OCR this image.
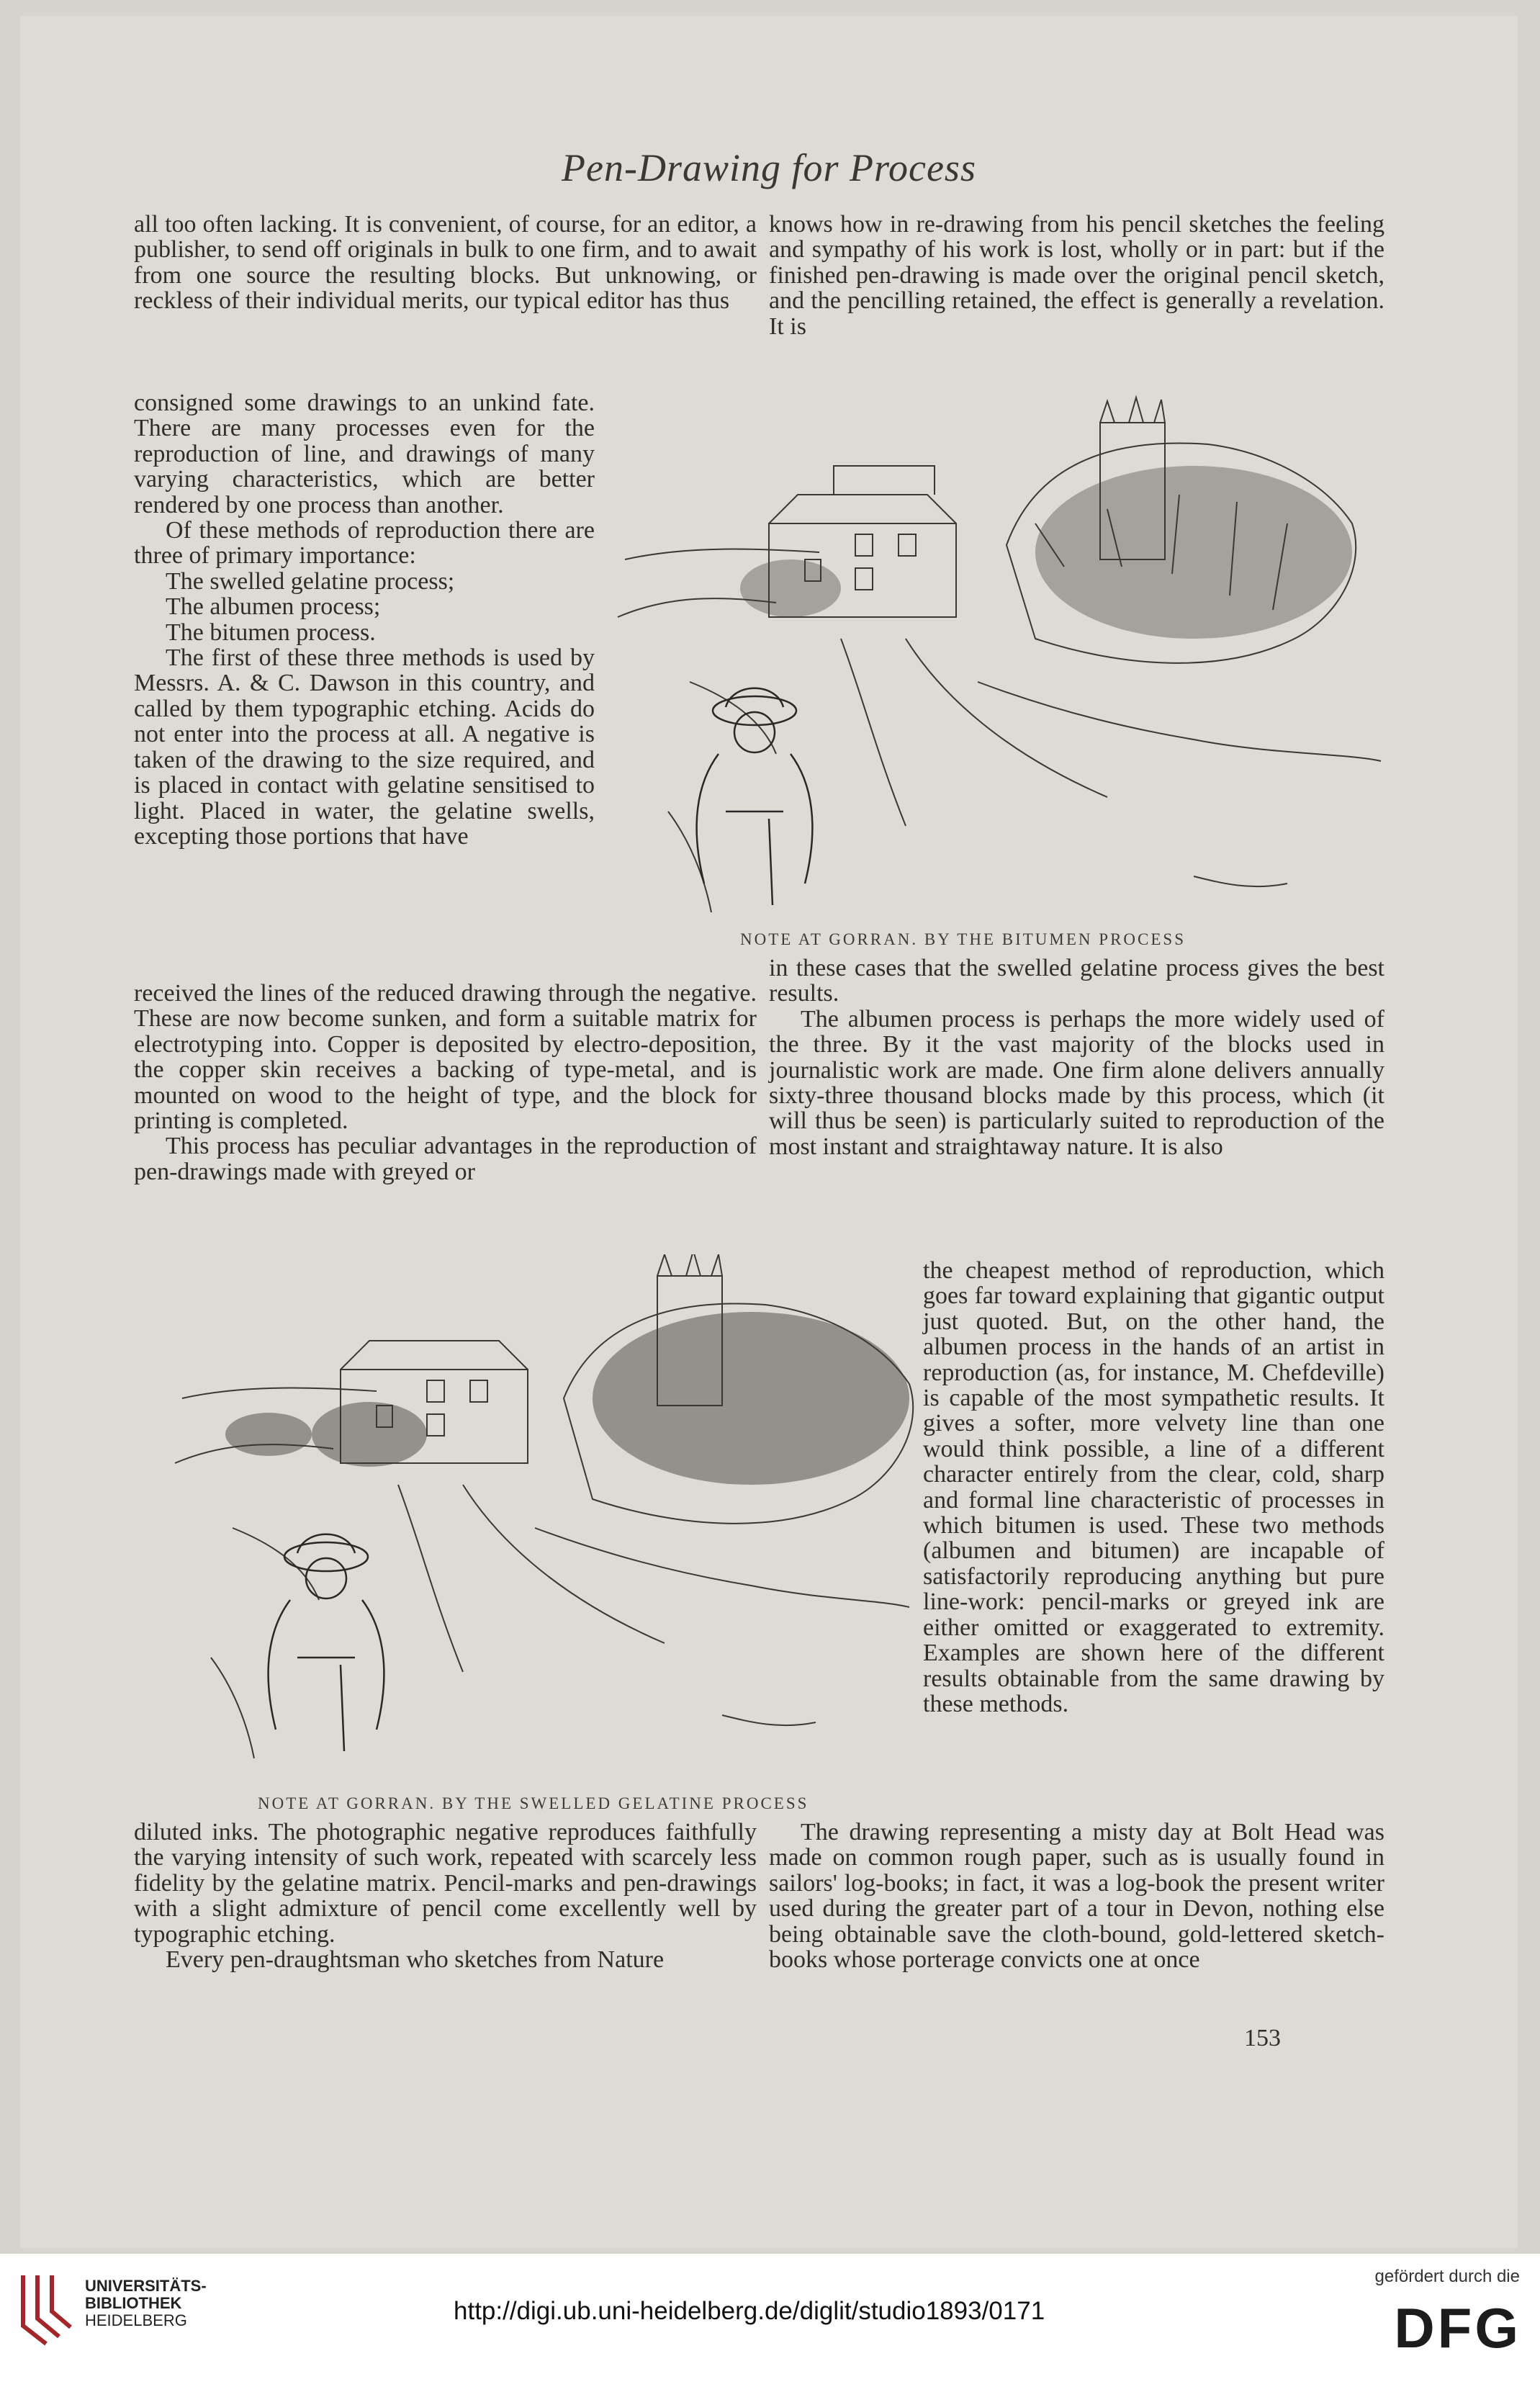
Pen-Drawing for Process

all too often lacking. It is convenient, of course, for an editor, a publisher, to send off originals in bulk to one firm, and to await from one source the resulting blocks. But unknowing, or reckless of their individual merits, our typical editor has thus

knows how in re-drawing from his pencil sketches the feeling and sympathy of his work is lost, wholly or in part: but if the finished pen-drawing is made over the original pencil sketch, and the pencilling retained, the effect is generally a revelation. It is

consigned some drawings to an unkind fate. There are many processes even for the reproduction of line, and drawings of many varying characteristics, which are better rendered by one process than another.

Of these methods of reproduction there are three of primary importance:

The swelled gelatine process;

The albumen process;

The bitumen process.

The first of these three methods is used by Messrs. A. & C. Dawson in this country, and called by them typographic etching. Acids do not enter into the process at all. A negative is taken of the drawing to the size required, and is placed in contact with gelatine sensitised to light. Placed in water, the gelatine swells, excepting those portions that have

NOTE AT GORRAN. BY THE BITUMEN PROCESS

received the lines of the reduced drawing through the negative. These are now become sunken, and form a suitable matrix for electrotyping into. Copper is deposited by electro-deposition, the copper skin receives a backing of type-metal, and is mounted on wood to the height of type, and the block for printing is completed.

This process has peculiar advantages in the reproduction of pen-drawings made with greyed or

in these cases that the swelled gelatine process gives the best results.

The albumen process is perhaps the more widely used of the three. By it the vast majority of the blocks used in journalistic work are made. One firm alone delivers annually sixty-three thousand blocks made by this process, which (it will thus be seen) is particularly suited to reproduction of the most instant and straightaway nature. It is also

the cheapest method of reproduction, which goes far toward explaining that gigantic output just quoted. But, on the other hand, the albumen process in the hands of an artist in reproduction (as, for instance, M. Chefdeville) is capable of the most sympathetic results. It gives a softer, more velvety line than one would think possible, a line of a different character entirely from the clear, cold, sharp and formal line characteristic of processes in which bitumen is used. These two methods (albumen and bitumen) are incapable of satisfactorily reproducing anything but pure line-work: pencil-marks or greyed ink are either omitted or exaggerated to extremity. Examples are shown here of the different results obtainable from the same drawing by these methods.

NOTE AT GORRAN. BY THE SWELLED GELATINE PROCESS

diluted inks. The photographic negative reproduces faithfully the varying intensity of such work, repeated with scarcely less fidelity by the gelatine matrix. Pencil-marks and pen-drawings with a slight admixture of pencil come excellently well by typographic etching.

Every pen-draughtsman who sketches from Nature

The drawing representing a misty day at Bolt Head was made on common rough paper, such as is usually found in sailors' log-books; in fact, it was a log-book the present writer used during the greater part of a tour in Devon, nothing else being obtainable save the cloth-bound, gold-lettered sketch-books whose porterage convicts one at once

153
UNIVERSITÄTS-
BIBLIOTHEK
HEIDELBERG	http://digi.ub.uni-heidelberg.de/diglit/studio1893/0171
gefördert durch die
DFG
